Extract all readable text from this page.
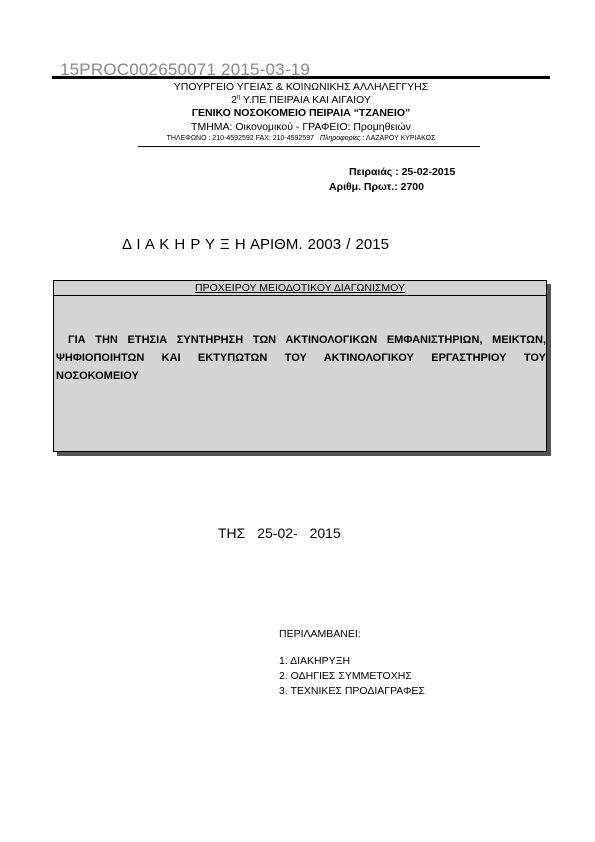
15PROC002650071 2015-03-19
ΥΠΟΥΡΓΕΙΟ ΥΓΕΙΑΣ & ΚΟΙΝΩΝΙΚΗΣ ΑΛΛΗΛΕΓΓΥΗΣ
$2^\eta$ Υ.ΠΕ ΠΕΙΡΑΙΑ ΚΑΙ ΑΙΓΑΙΟΥ
ΓΕΝΙΚΟ ΝΟΣΟΚΟΜΕΙΟ ΠΕΙΡΑΙΑ “ΤΖΑΝΕΙΟ”
ΤΜΗΜΑ: Οικονομικού - ΓΡΑΦΕΙΟ: Προμηθειών
ΤΗΛΕΦΩΝΟ : 210-4592592 FAX: 210-4592597 Πληροφορίες : ΛΑΖΑΡΟΥ ΚΥΡΙΑΚΟΣ
Πειραιάς : 25-02-2015
Αριθμ. Πρωτ.: 2700
Δ Ι Α Κ Η Ρ Υ Ξ Η ΑΡΙΘΜ. 2003 / 2015
ΠΡΟΧΕΙΡΟΥ ΜΕΙΟΔΟΤΙΚΟΥ ΔΙΑΓΩΝΙΣΜΟΥ
ΓΙΑ ΤΗΝ ΕΤΗΣΙΑ ΣΥΝΤΗΡΗΣΗ ΤΩΝ ΑΚΤΙΝΟΛΟΓΙΚΩΝ ΕΜΦΑΝΙΣΤΗΡΙΩΝ, ΜΕΙΚΤΩΝ, ΨΗΦΙΟΠΟΙΗΤΩΝ ΚΑΙ ΕΚΤΥΠΩΤΩΝ ΤΟΥ ΑΚΤΙΝΟΛΟΓΙΚΟΥ ΕΡΓΑΣΤΗΡΙΟΥ ΤΟΥ ΝΟΣΟΚΟΜΕΙΟΥ
ΤΗΣ 25-02- 2015
ΠΕΡΙΛΑΜΒΑΝΕΙ:
1. ΔΙΑΚΗΡΥΞΗ
2. ΟΔΗΓΙΕΣ ΣΥΜΜΕΤΟΧΗΣ
3. ΤΕΧΝΙΚΕΣ ΠΡΟΔΙΑΓΡΑΦΕΣ
